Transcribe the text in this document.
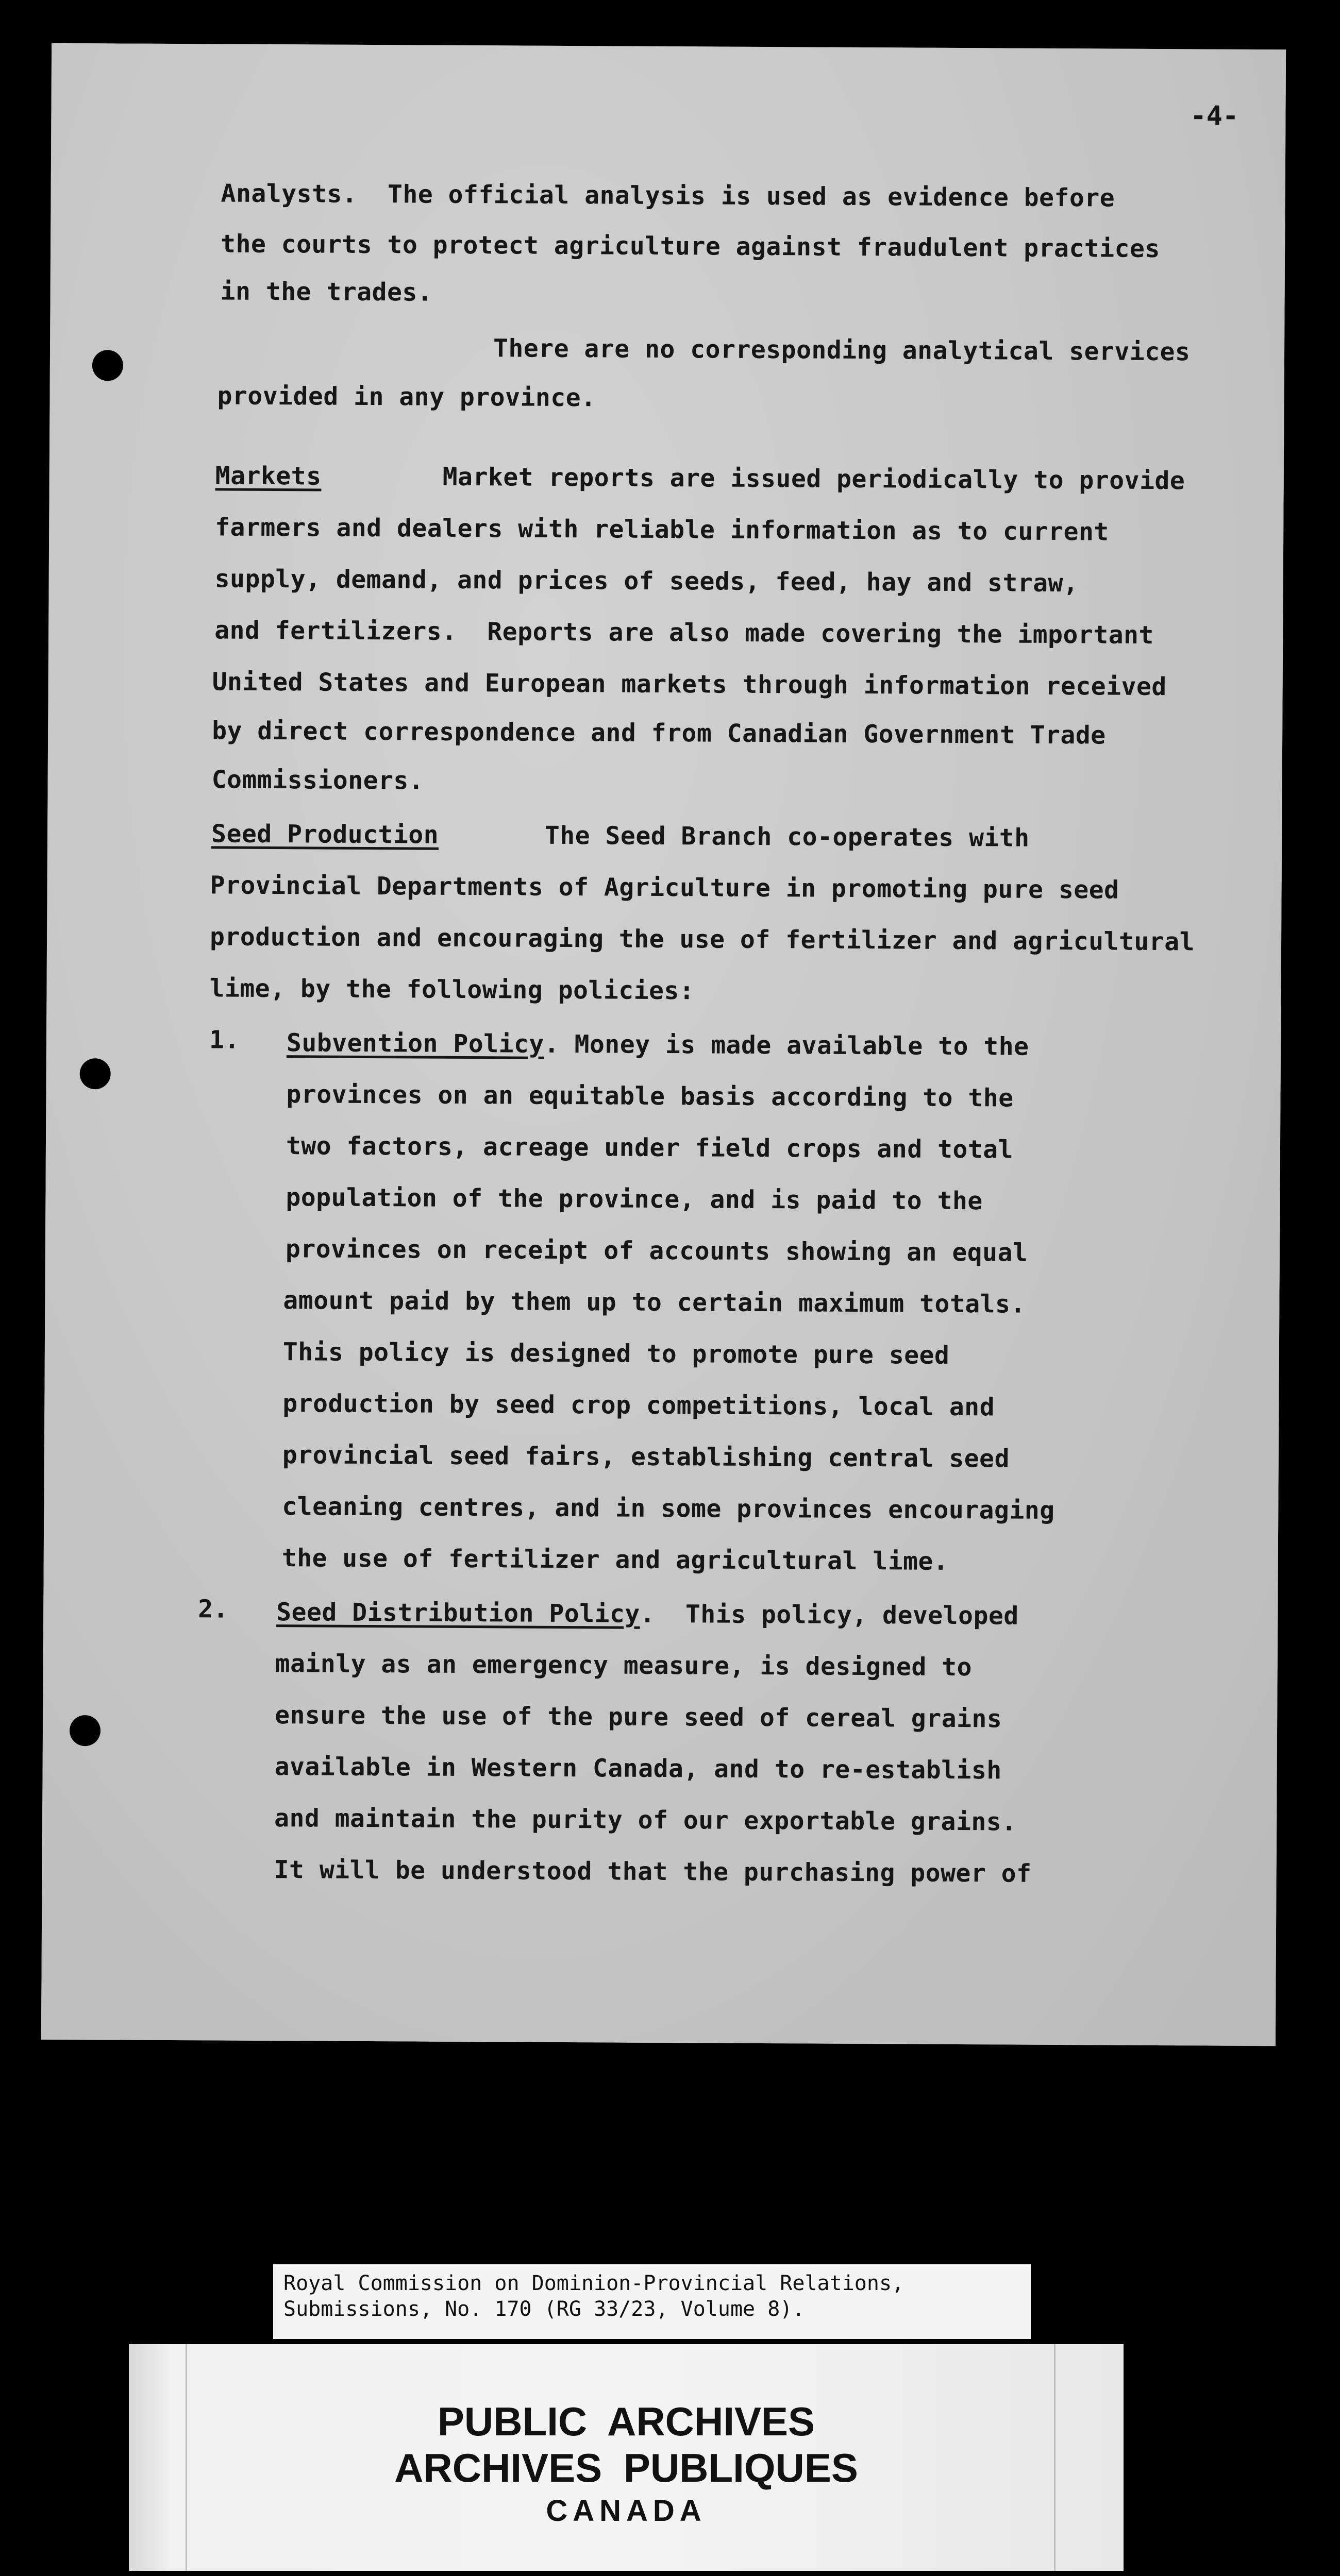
-4-
Analysts.  The official analysis is used as evidence before
the courts to protect agriculture against fraudulent practices
in the trades.
There are no corresponding analytical services
provided in any province.
Markets        Market reports are issued periodically to provide
farmers and dealers with reliable information as to current
supply, demand, and prices of seeds, feed, hay and straw,
and fertilizers.  Reports are also made covering the important
United States and European markets through information received
by direct correspondence and from Canadian Government Trade
Commissioners.
Seed Production       The Seed Branch co-operates with
Provincial Departments of Agriculture in promoting pure seed
production and encouraging the use of fertilizer and agricultural
lime, by the following policies:
1. Subvention Policy. Money is made available to the
provinces on an equitable basis according to the
two factors, acreage under field crops and total
population of the province, and is paid to the
provinces on receipt of accounts showing an equal
amount paid by them up to certain maximum totals.
This policy is designed to promote pure seed
production by seed crop competitions, local and
provincial seed fairs, establishing central seed
cleaning centres, and in some provinces encouraging
the use of fertilizer and agricultural lime.
2. Seed Distribution Policy.  This policy, developed
mainly as an emergency measure, is designed to
ensure the use of the pure seed of cereal grains
available in Western Canada, and to re-establish
and maintain the purity of our exportable grains.
It will be understood that the purchasing power of
Royal Commission on Dominion-Provincial Relations,
Submissions, No. 170 (RG 33/23, Volume 8).
PUBLIC ARCHIVES
ARCHIVES PUBLIQUES
CANADA
